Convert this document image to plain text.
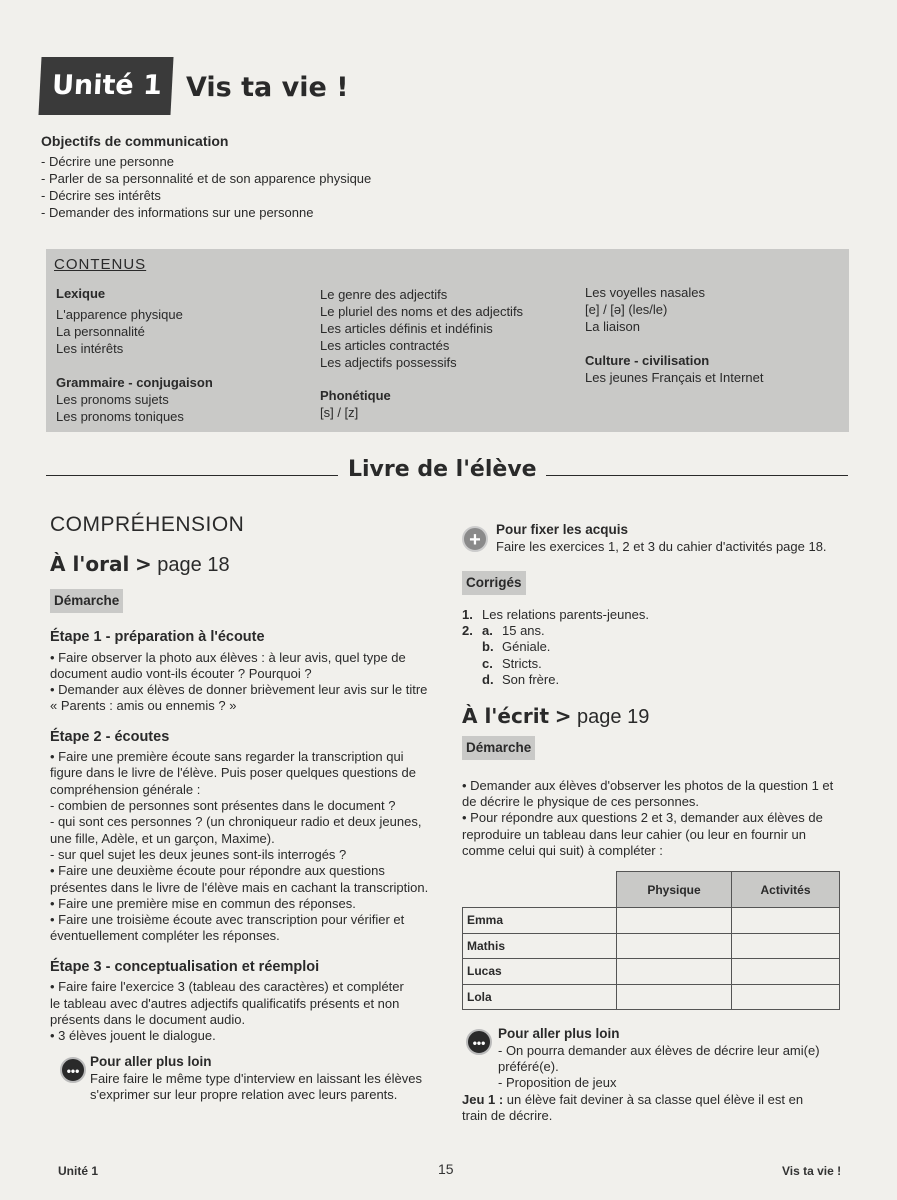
Unité 1 Vis ta vie !
Objectifs de communication
- Décrire une personne
- Parler de sa personnalité et de son apparence physique
- Décrire ses intérêts
- Demander des informations sur une personne
CONTENUS
Lexique
L'apparence physique
La personnalité
Les intérêts
Grammaire - conjugaison
Les pronoms sujets
Les pronoms toniques
Le genre des adjectifs
Le pluriel des noms et des adjectifs
Les articles définis et indéfinis
Les articles contractés
Les adjectifs possessifs
Phonétique
[s] / [z]
Les voyelles nasales
[e] / [ə] (les/le)
La liaison
Culture - civilisation
Les jeunes Français et Internet
Livre de l'élève
COMPRÉHENSION
À l'oral > page 18
Démarche
Étape 1 - préparation à l'écoute
• Faire observer la photo aux élèves : à leur avis, quel type de
document audio vont-ils écouter ? Pourquoi ?
• Demander aux élèves de donner brièvement leur avis sur le titre
« Parents : amis ou ennemis ? »
Étape 2 - écoutes
• Faire une première écoute sans regarder la transcription qui
figure dans le livre de l'élève. Puis poser quelques questions de
compréhension générale :
- combien de personnes sont présentes dans le document ?
- qui sont ces personnes ? (un chroniqueur radio et deux jeunes,
une fille, Adèle, et un garçon, Maxime).
- sur quel sujet les deux jeunes sont-ils interrogés ?
• Faire une deuxième écoute pour répondre aux questions
présentes dans le livre de l'élève mais en cachant la transcription.
• Faire une première mise en commun des réponses.
• Faire une troisième écoute avec transcription pour vérifier et
éventuellement compléter les réponses.
Étape 3 - conceptualisation et réemploi
• Faire faire l'exercice 3 (tableau des caractères) et compléter
le tableau avec d'autres adjectifs qualificatifs présents et non
présents dans le document audio.
• 3 élèves jouent le dialogue.
•••
Pour aller plus loin
Faire faire le même type d'interview en laissant les élèves
s'exprimer sur leur propre relation avec leurs parents.
+	Pour fixer les acquis
Faire les exercices 1, 2 et 3 du cahier d'activités page 18.
Corrigés
1. Les relations parents-jeunes.
2. a. 15 ans.
b. Géniale.
c. Stricts.
d. Son frère.
À l'écrit > page 19
Démarche
• Demander aux élèves d'observer les photos de la question 1 et
de décrire le physique de ces personnes.
• Pour répondre aux questions 2 et 3, demander aux élèves de
reproduire un tableau dans leur cahier (ou leur en fournir un
comme celui qui suit) à compléter :
	Physique	Activités
Emma		
Mathis		
Lucas		
Lola		
•••
Pour aller plus loin
- On pourra demander aux élèves de décrire leur ami(e)
préféré(e).
- Proposition de jeux
Jeu 1 : un élève fait deviner à sa classe quel élève il est en
train de décrire.
Unité 1	15	Vis ta vie !
